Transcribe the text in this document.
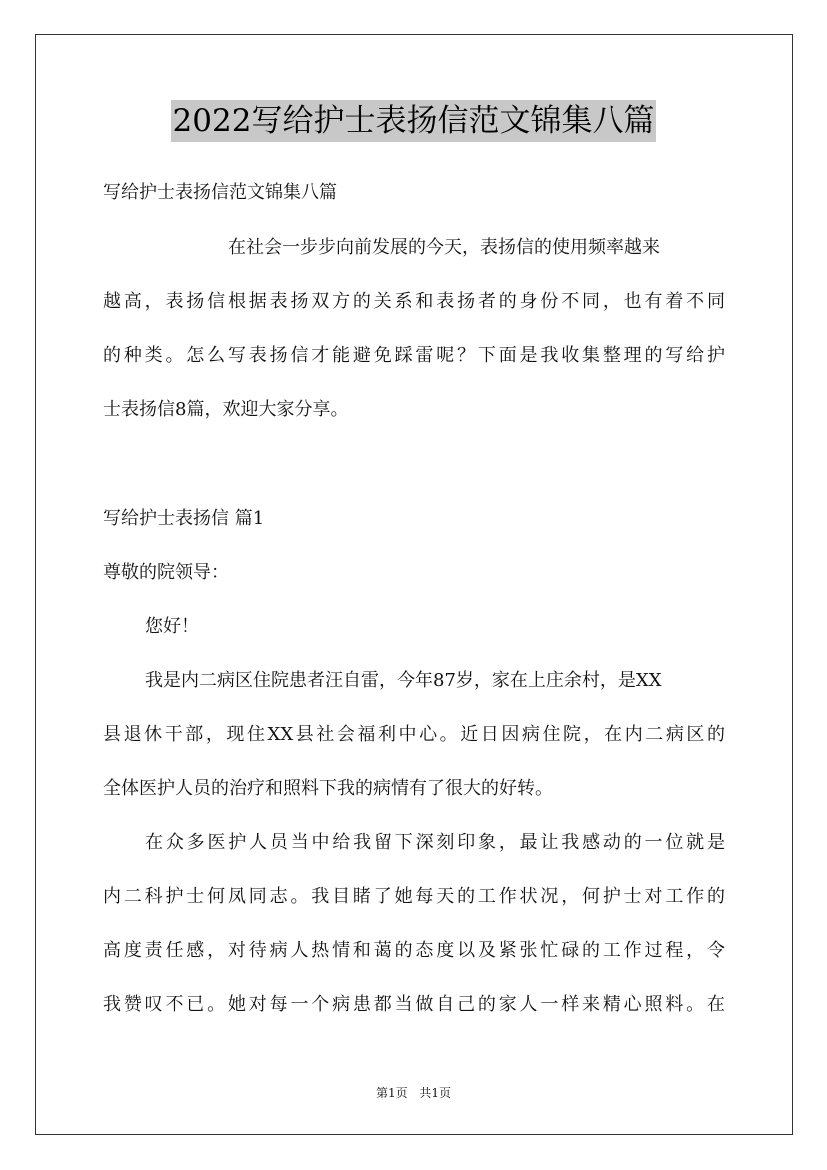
2022写给护士表扬信范文锦集八篇
写给护士表扬信范文锦集八篇
在社会一步步向前发展的今天，表扬信的使用频率越来
越高，表扬信根据表扬双方的关系和表扬者的身份不同，也有着不同
的种类。怎么写表扬信才能避免踩雷呢？下面是我收集整理的写给护
士表扬信8篇，欢迎大家分享。
写给护士表扬信 篇1
尊敬的院领导：
您好！
我是内二病区住院患者汪自雷，今年87岁，家在上庄余村，是XX
县退休干部，现住XX县社会福利中心。近日因病住院，在内二病区的
全体医护人员的治疗和照料下我的病情有了很大的好转。
在众多医护人员当中给我留下深刻印象，最让我感动的一位就是
内二科护士何凤同志。我目睹了她每天的工作状况，何护士对工作的
高度责任感，对待病人热情和蔼的态度以及紧张忙碌的工作过程，令
我赞叹不已。她对每一个病患都当做自己的家人一样来精心照料。在
第1页 共1页
